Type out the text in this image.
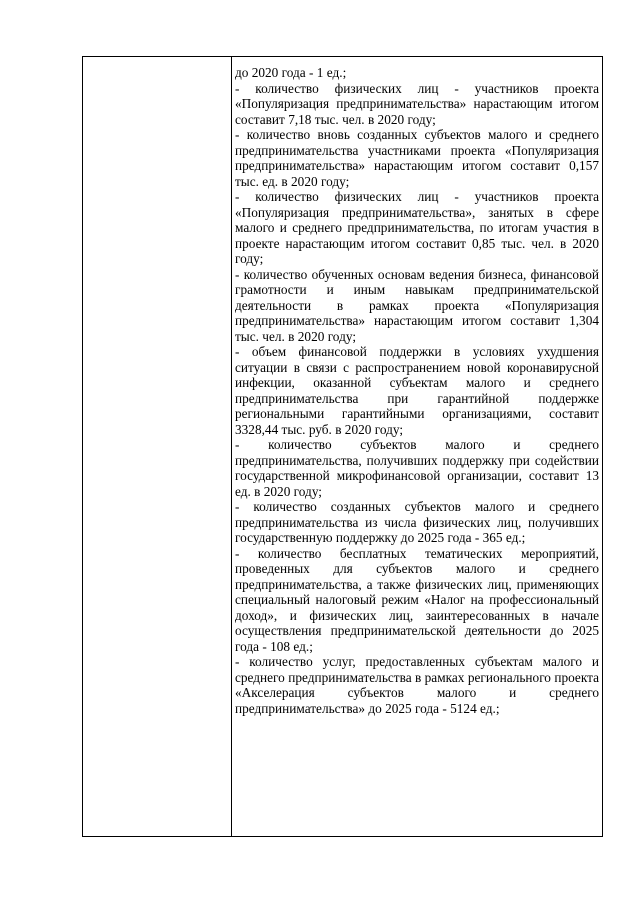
до 2020 года - 1 ед.;

- количество физических лиц - участников проекта «Популяризация предпринимательства» нарастающим итогом составит 7,18 тыс. чел. в 2020 году;

- количество вновь созданных субъектов малого и среднего предпринимательства участниками проекта «Популяризация предпринимательства» нарастающим итогом составит 0,157 тыс. ед. в 2020 году;

- количество физических лиц - участников проекта «Популяризация предпринимательства», занятых в сфере малого и среднего предпринимательства, по итогам участия в проекте нарастающим итогом составит 0,85 тыс. чел. в 2020 году;

- количество обученных основам ведения бизнеса, финансовой грамотности и иным навыкам предпринимательской деятельности в рамках проекта «Популяризация предпринимательства» нарастающим итогом составит 1,304 тыс. чел. в 2020 году;

- объем финансовой поддержки в условиях ухудшения ситуации в связи с распространением новой коронавирусной инфекции, оказанной субъектам малого и среднего предпринимательства при гарантийной поддержке региональными гарантийными организациями, составит 3328,44 тыс. руб. в 2020 году;

- количество субъектов малого и среднего предпринимательства, получивших поддержку при содействии государственной микрофинансовой организации, составит 13 ед. в 2020 году;

- количество созданных субъектов малого и среднего предпринимательства из числа физических лиц, получивших государственную поддержку до 2025 года - 365 ед.;

- количество бесплатных тематических мероприятий, проведенных для субъектов малого и среднего предпринимательства, а также физических лиц, применяющих специальный налоговый режим «Налог на профессиональный доход», и физических лиц, заинтересованных в начале осуществления предпринимательской деятельности до 2025 года - 108 ед.;

- количество услуг, предоставленных субъектам малого и среднего предпринимательства в рамках регионального проекта «Акселерация субъектов малого и среднего предпринимательства» до 2025 года - 5124 ед.;
